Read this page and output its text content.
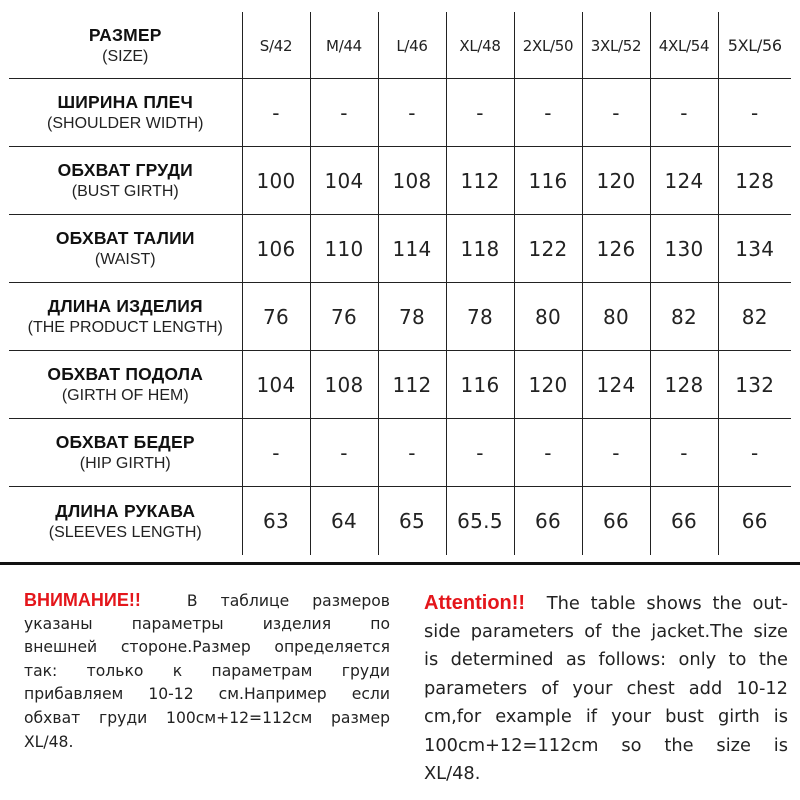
РАЗМЕР
(SIZE)	S/42	M/44	L/46	XL/48	2XL/50	3XL/52	4XL/54	5XL/56

ШИРИНА ПЛЕЧ
(SHOULDER WIDTH)	-	-	-	-	-	-	-	-

ОБХВАТ ГРУДИ
(BUST GIRTH)	100	104	108	112	116	120	124	128

ОБХВАТ ТАЛИИ
(WAIST)	106	110	114	118	122	126	130	134

ДЛИНА ИЗДЕЛИЯ
(THE PRODUCT LENGTH)	76	76	78	78	80	80	82	82

ОБХВАТ ПОДОЛА
(GIRTH OF HEM)	104	108	112	116	120	124	128	132

ОБХВАТ БЕДЕР
(HIP GIRTH)	-	-	-	-	-	-	-	-

ДЛИНА РУКАВА
(SLEEVES LENGTH)	63	64	65	65.5	66	66	66	66
ВНИМАНИЕ!!	В таблице размеров
указаны параметры изделия по
внешней стороне.Размер определяется
так: только к параметрам груди
прибавляем 10-12 см.Например если
обхват груди 100см+12=112см размер
XL/48.
Attention!! The table shows the out-
side parameters of the jacket.The size
is determined as follows: only to the
parameters of your chest add 10-12
cm,for example if your bust girth is
100cm+12=112cm so the size is
XL/48.
